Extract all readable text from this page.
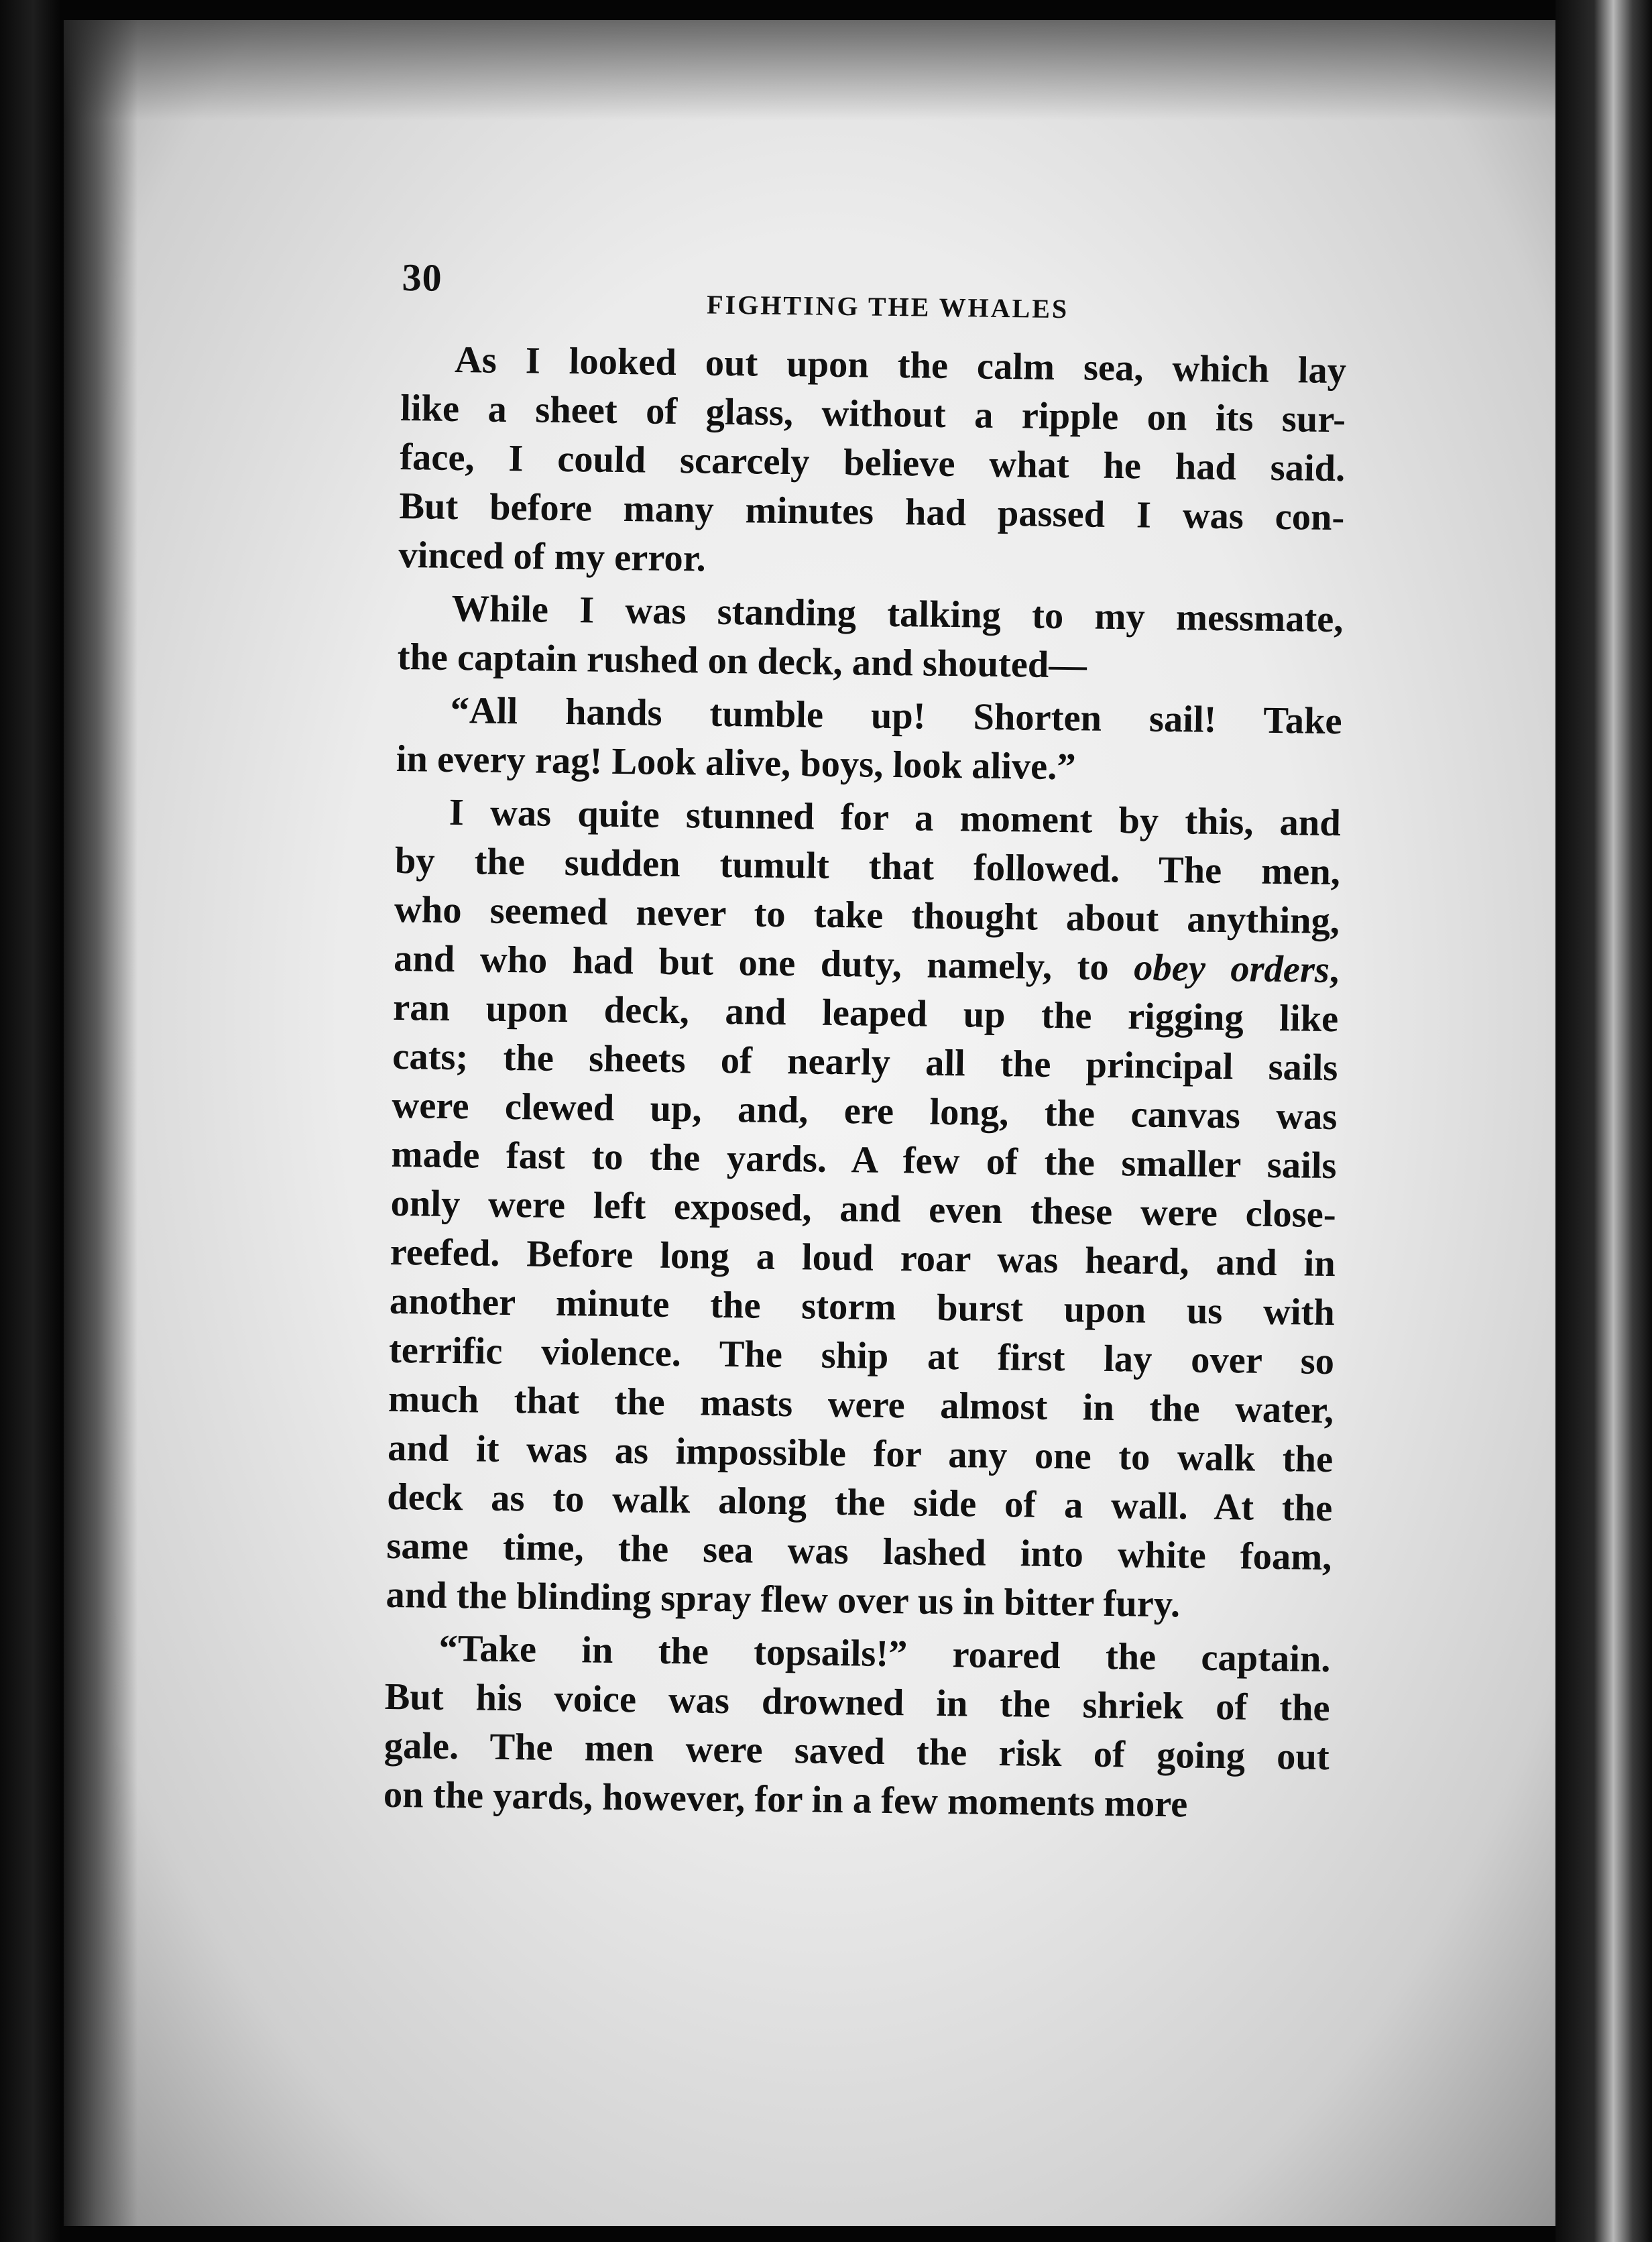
30
FIGHTING THE WHALES
As I looked out upon the calm sea, which lay
like a sheet of glass, without a ripple on its sur-
face, I could scarcely believe what he had said.
But before many minutes had passed I was con-
vinced of my error.
While I was standing talking to my messmate,
the captain rushed on deck, and shouted—
“All hands tumble up! Shorten sail! Take
in every rag! Look alive, boys, look alive.”
I was quite stunned for a moment by this, and
by the sudden tumult that followed. The men,
who seemed never to take thought about anything,
and who had but one duty, namely, to obey orders,
ran upon deck, and leaped up the rigging like
cats; the sheets of nearly all the principal sails
were clewed up, and, ere long, the canvas was
made fast to the yards. A few of the smaller sails
only were left exposed, and even these were close-
reefed. Before long a loud roar was heard, and in
another minute the storm burst upon us with
terrific violence. The ship at first lay over so
much that the masts were almost in the water,
and it was as impossible for any one to walk the
deck as to walk along the side of a wall. At the
same time, the sea was lashed into white foam,
and the blinding spray flew over us in bitter fury.
“Take in the topsails!” roared the captain.
But his voice was drowned in the shriek of the
gale. The men were saved the risk of going out
on the yards, however, for in a few moments more
